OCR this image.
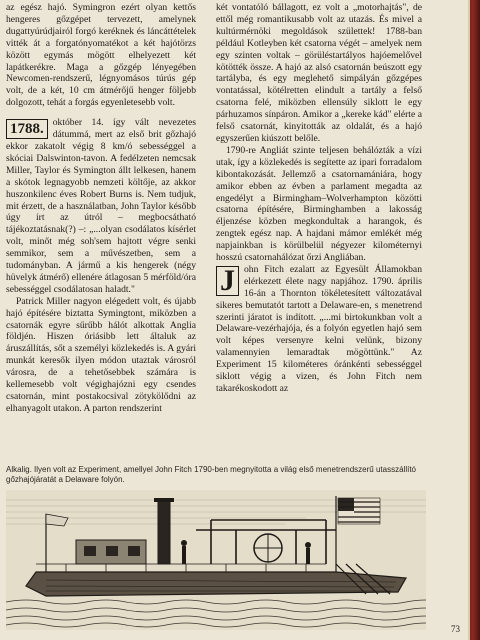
az egész hajó. Symingron ezért olyan kettős hengeres gőzgépet tervezett, amelynek dugattyúrúdjairól forgó keréknek és láncáttételek vitték át a forgatónyomatékot a két hajótörzs között egymás mögött elhelyezett két lapátkerékre. Maga a gőzgép lényegében Newcomen-rendszerű, légnyomásos túrús gép volt, de a két, 10 cm átmérőjű henger följebb dolgozott, tehát a forgás egyenletesebb volt.

1788. október 14. így vált nevezetes dátummá, mert az első brit gőzhajó ekkor zakatolt végig 8 km/ó sebességgel a skóciai Dalswinton-tavon. A fedélzeten nemcsak Miller, Taylor és Symington állt lelkesen, hanem a skótok legnagyobb nemzeti költője, az akkor huszonkilenc éves Robert Burns is. Nem tudjuk, mit érzett, de a használatban, John Taylor később úgy írt az útról – megbocsátható tájékoztatásnak(?) –: „...olyan csodálatos kísérlet volt, minőt még soh'sem hajtott végre senki semmikor, sem a művészetben, sem a tudományban. A jármű a kis hengerek (négy hüvelyk átmérő) ellenére átlagosan 5 mérföld/óra sebességgel csodálatosan haladt."

Patrick Miller nagyon elégedett volt, és újabb hajó építésére biztatta Symingtont, miközben a csatornák egyre sűrűbb hálót alkottak Anglia földjén. Hiszen óriásibb lett általuk az áruszállítás, sőt a személyi közlekedés is. A gyári munkát keresők ilyen módon utaztak városról városra, de a tehetősebbek számára is kellemesebb volt végighajózni egy csendes csatornán, mint postakocsival zötykölődni az elhanyagolt utakon. A parton rendszerint

két vontatóló bállagott, ez volt a „motorhajtás", de ettől még romantikusabb volt az utazás. És mivel a kultúrmérnöki megoldások születtek! 1788-ban például Kotleyben két csatorna végét – amelyek nem egy szinten voltak – görüléstartályos hajóemelővel kötötték össze. A hajó az alsó csatornán beúszott egy tartályba, és egy meglehető simpályán gőzgépes vontatással, kötélretten elindult a tartály a felső csatorna felé, miközben ellensúly siklott le egy párhuzamos sínpáron. Amikor a „kereke kád" elérte a felső csatornát, kinyitották az oldalát, és a hajó egyszerűen kiúszott belőle.

1790-re Angliát szinte teljesen behálózták a vízi utak, így a közlekedés is segítette az ipari forradalom kibontakozását. Jellemző a csatornamániára, hogy amikor ebben az évben a parlament megadta az engedélyt a Birmingham–Wolverhampton közötti csatorna építésére, Birminghamben a lakosság éljenzése közben megkondultak a harangok, és zengtek egész nap. A hajdani mámor emlékét még napjainkban is körülbelül négyezer kilométernyi hosszú csatornahálózat őrzi Angliában.

J ohn Fitch ezalatt az Egyesült Államokban elérkezett élete nagy napjához. 1790. április 16-án a Thornton tökéletesített változatával sikeres bemutatót tartott a Delaware-en, s menetrend szerinti járatot is indított. „...mi birtokunkban volt a Delaware-vezérhajója, és a folyón egyetlen hajó sem volt képes versenyre kelni velünk, bizony valamennyien lemaradtak mögöttünk." Az Experiment 15 kilométeres óránkénti sebességgel siklott végig a vizen, és John Fitch nem takarékoskodott az

Alkalig. Ilyen volt az Experiment, amellyel John Fitch 1790-ben megnyitotta a világ első menetrendszerű utasszállító gőzhajójáratát a Delaware folyón.
73
